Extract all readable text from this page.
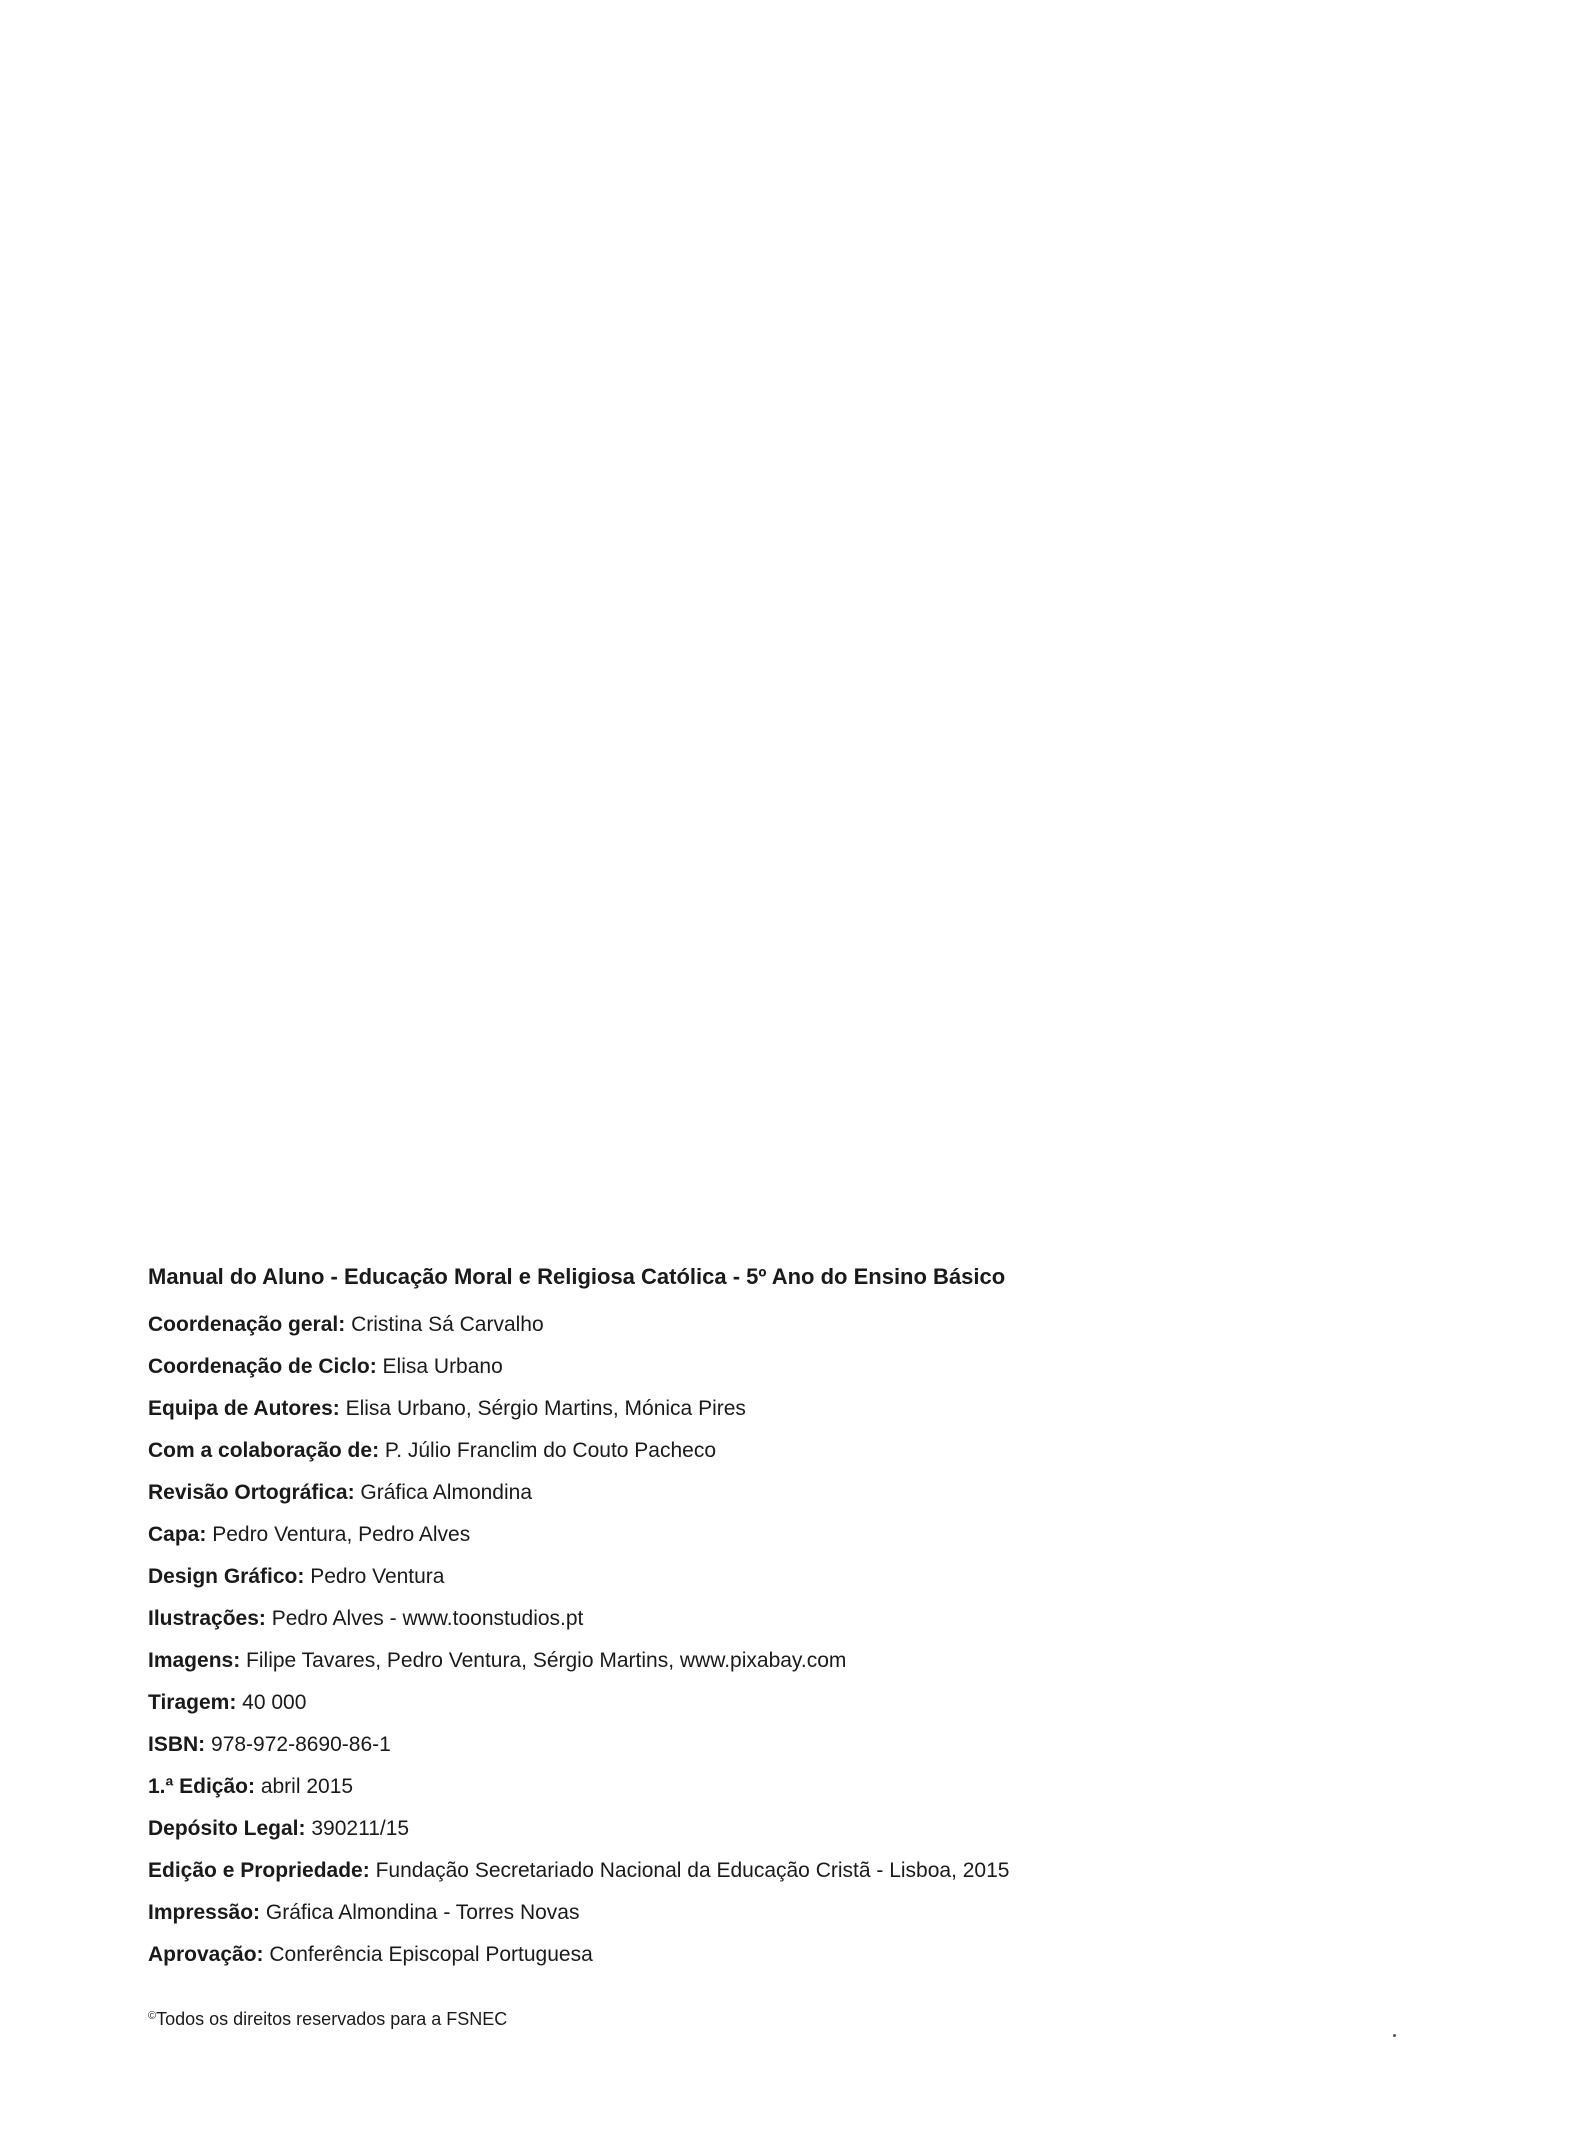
Manual do Aluno - Educação Moral e Religiosa Católica - 5º Ano do Ensino Básico
Coordenação geral: Cristina Sá Carvalho
Coordenação de Ciclo: Elisa Urbano
Equipa de Autores: Elisa Urbano, Sérgio Martins, Mónica Pires
Com a colaboração de: P. Júlio Franclim do Couto Pacheco
Revisão Ortográfica: Gráfica Almondina
Capa: Pedro Ventura, Pedro Alves
Design Gráfico: Pedro Ventura
Ilustrações: Pedro Alves - www.toonstudios.pt
Imagens: Filipe Tavares, Pedro Ventura, Sérgio Martins, www.pixabay.com
Tiragem: 40 000
ISBN: 978-972-8690-86-1
1.ª Edição: abril 2015
Depósito Legal: 390211/15
Edição e Propriedade: Fundação Secretariado Nacional da Educação Cristã - Lisboa, 2015
Impressão: Gráfica Almondina - Torres Novas
Aprovação: Conferência Episcopal Portuguesa
©Todos os direitos reservados para a FSNEC
